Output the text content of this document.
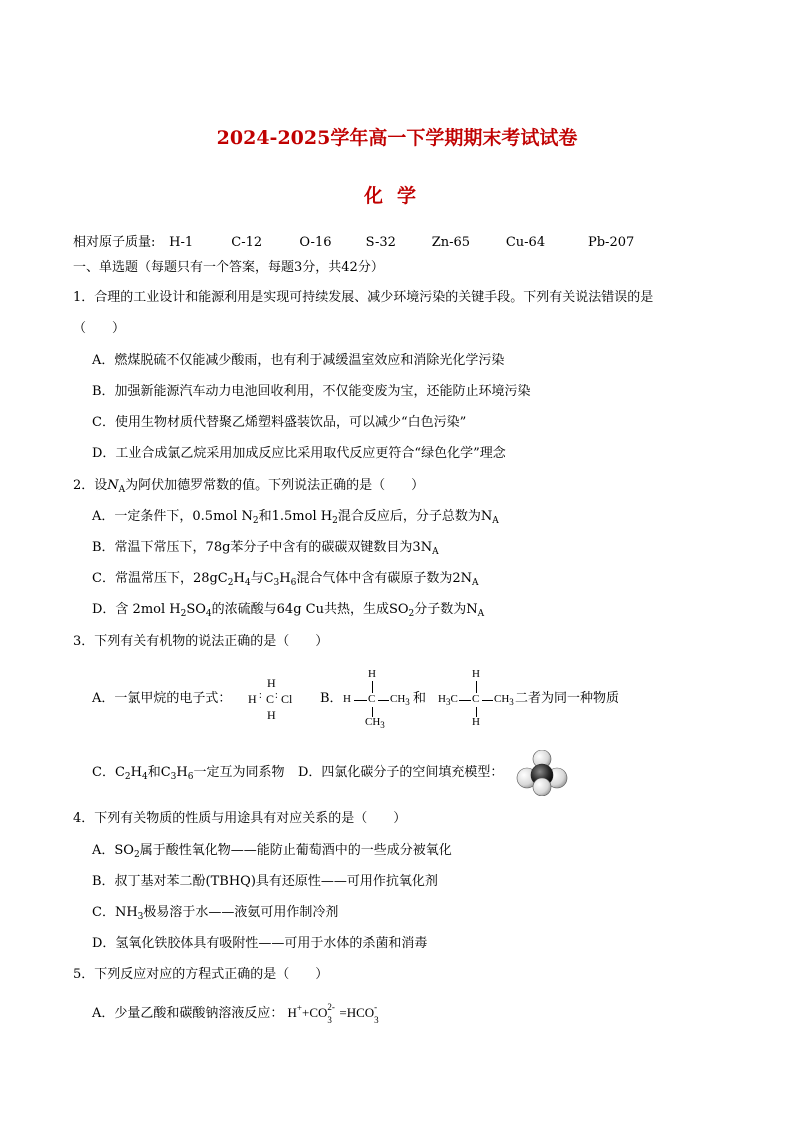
2024-2025学年高一下学期期末考试试卷
化学
相对原子质量: H-1	C-12	O-16	S-32	Zn-65	Cu-64	Pb-207
一、单选题（每题只有一个答案，每题3分，共42分）
1．合理的工业设计和能源利用是实现可持续发展、减少环境污染的关键手段。下列有关说法错误的是
（　　）
A．燃煤脱硫不仅能减少酸雨，也有利于减缓温室效应和消除光化学污染
B．加强新能源汽车动力电池回收利用，不仅能变废为宝，还能防止环境污染
C．使用生物材质代替聚乙烯塑料盛装饮品，可以减少“白色污染”
D．工业合成氯乙烷采用加成反应比采用取代反应更符合“绿色化学”理念
2．设$N_A$为阿伏加德罗常数的值。下列说法正确的是（　　）
A．一定条件下，0.5mol $N_2$和1.5mol $H_2$混合反应后，分子总数为$N_A$
B．常温下常压下，78g苯分子中含有的碳碳双键数目为$3N_A$
C．常温常压下，$28gC_2H_4$与$C_3H_6$混合气体中含有碳原子数为$2N_A$
D．含 2mol $H_2SO_4$的浓硫酸与64g Cu共热，生成$SO_2$分子数为$N_A$
3．下列有关有机物的说法正确的是（　　）
A．一氯甲烷的电子式：
H
H : C : Cl
H
B．
H
H C $CH_3$
$CH_3$
和
H
$H_3C$ C $CH_3$
H
二者为同一种物质
C．$C_2H_4$和$C_3H_6$一定互为同系物 D．四氯化碳分子的空间填充模型：
4．下列有关物质的性质与用途具有对应关系的是（　　）
A．$SO_2$属于酸性氧化物——能防止葡萄酒中的一些成分被氧化
B．叔丁基对苯二酚(TBHQ)具有还原性——可用作抗氧化剂
C．$NH_3$极易溶于水——液氨可用作制冷剂
D．氢氧化铁胶体具有吸附性——可用于水体的杀菌和消毒
5．下列反应对应的方程式正确的是（　　）
A．少量乙酸和碳酸钠溶液反应： H++CO 2-
3 =HCO -
3
